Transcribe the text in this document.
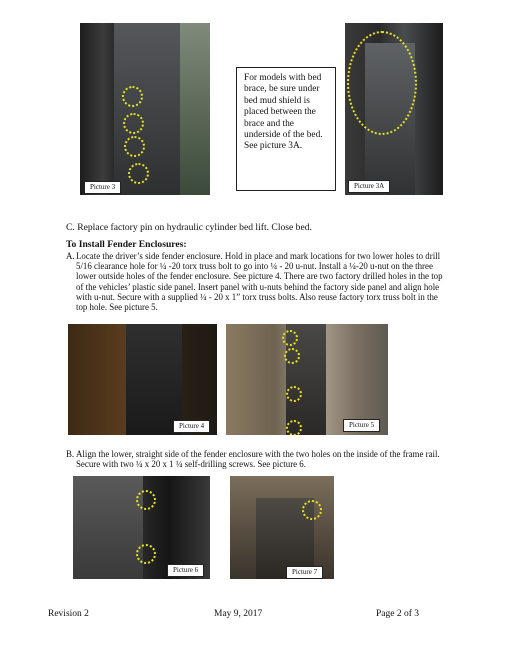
Picture 3
For models with bed brace, be sure under bed mud shield is placed between the brace and the underside of the bed. See picture 3A.
Picture 3A
C. Replace factory pin on hydraulic cylinder bed lift. Close bed.
To Install Fender Enclosures:
A. Locate the driver’s side fender enclosure. Hold in place and mark locations for two lower holes to drill 5/16 clearance hole for ¼ -20 torx truss bolt to go into ¼ - 20 u-nut. Install a ¼-20 u-nut on the three lower outside holes of the fender enclosure. See picture 4. There are two factory drilled holes in the top of the vehicles’ plastic side panel. Insert panel with u-nuts behind the factory side panel and align hole with u-nut. Secure with a supplied ¼ - 20 x 1” torx truss bolts. Also reuse factory torx truss bolt in the top hole. See picture 5.
Picture 4	Picture 5
B. Align the lower, straight side of the fender enclosure with the two holes on the inside of the frame rail. Secure with two ¼ x 20 x 1 ¼ self-drilling screws. See picture 6.
Picture 6	Picture 7
Revision 2	May 9, 2017	Page 2 of 3
